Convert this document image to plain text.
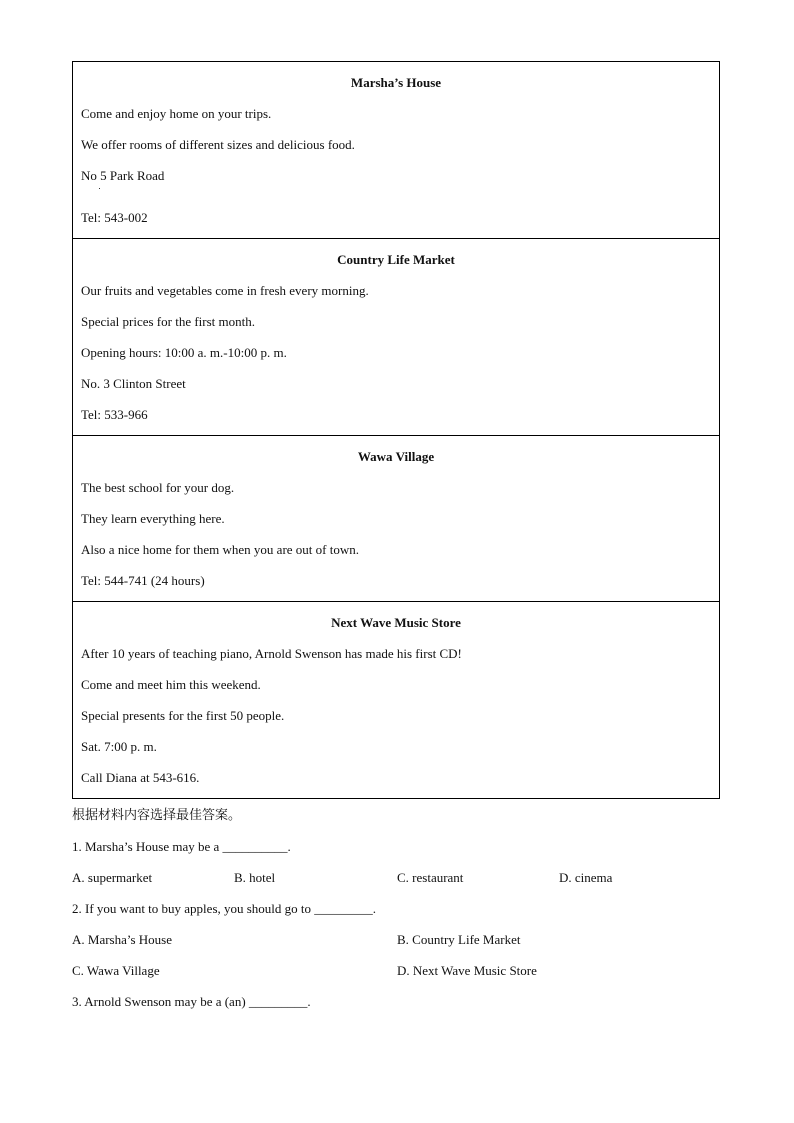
Marsha’s House
Come and enjoy home on your trips.
We offer rooms of different sizes and delicious food.
No 5 Park Road
Tel: 543-002
Country Life Market
Our fruits and vegetables come in fresh every morning.
Special prices for the first month.
Opening hours: 10:00 a. m.-10:00 p. m.
No. 3 Clinton Street
Tel: 533-966
Wawa Village
The best school for your dog.
They learn everything here.
Also a nice home for them when you are out of town.
Tel: 544-741 (24 hours)
Next Wave Music Store
After 10 years of teaching piano, Arnold Swenson has made his first CD!
Come and meet him this weekend.
Special presents for the first 50 people.
Sat. 7:00 p. m.
Call Diana at 543-616.
根据材料内容选择最佳答案。
1. Marsha’s House may be a __________.
A. supermarket	B. hotel	C. restaurant	D. cinema
2. If you want to buy apples, you should go to _________.
A. Marsha’s House	B. Country Life Market
C. Wawa Village	D. Next Wave Music Store
3. Arnold Swenson may be a (an) _________.
